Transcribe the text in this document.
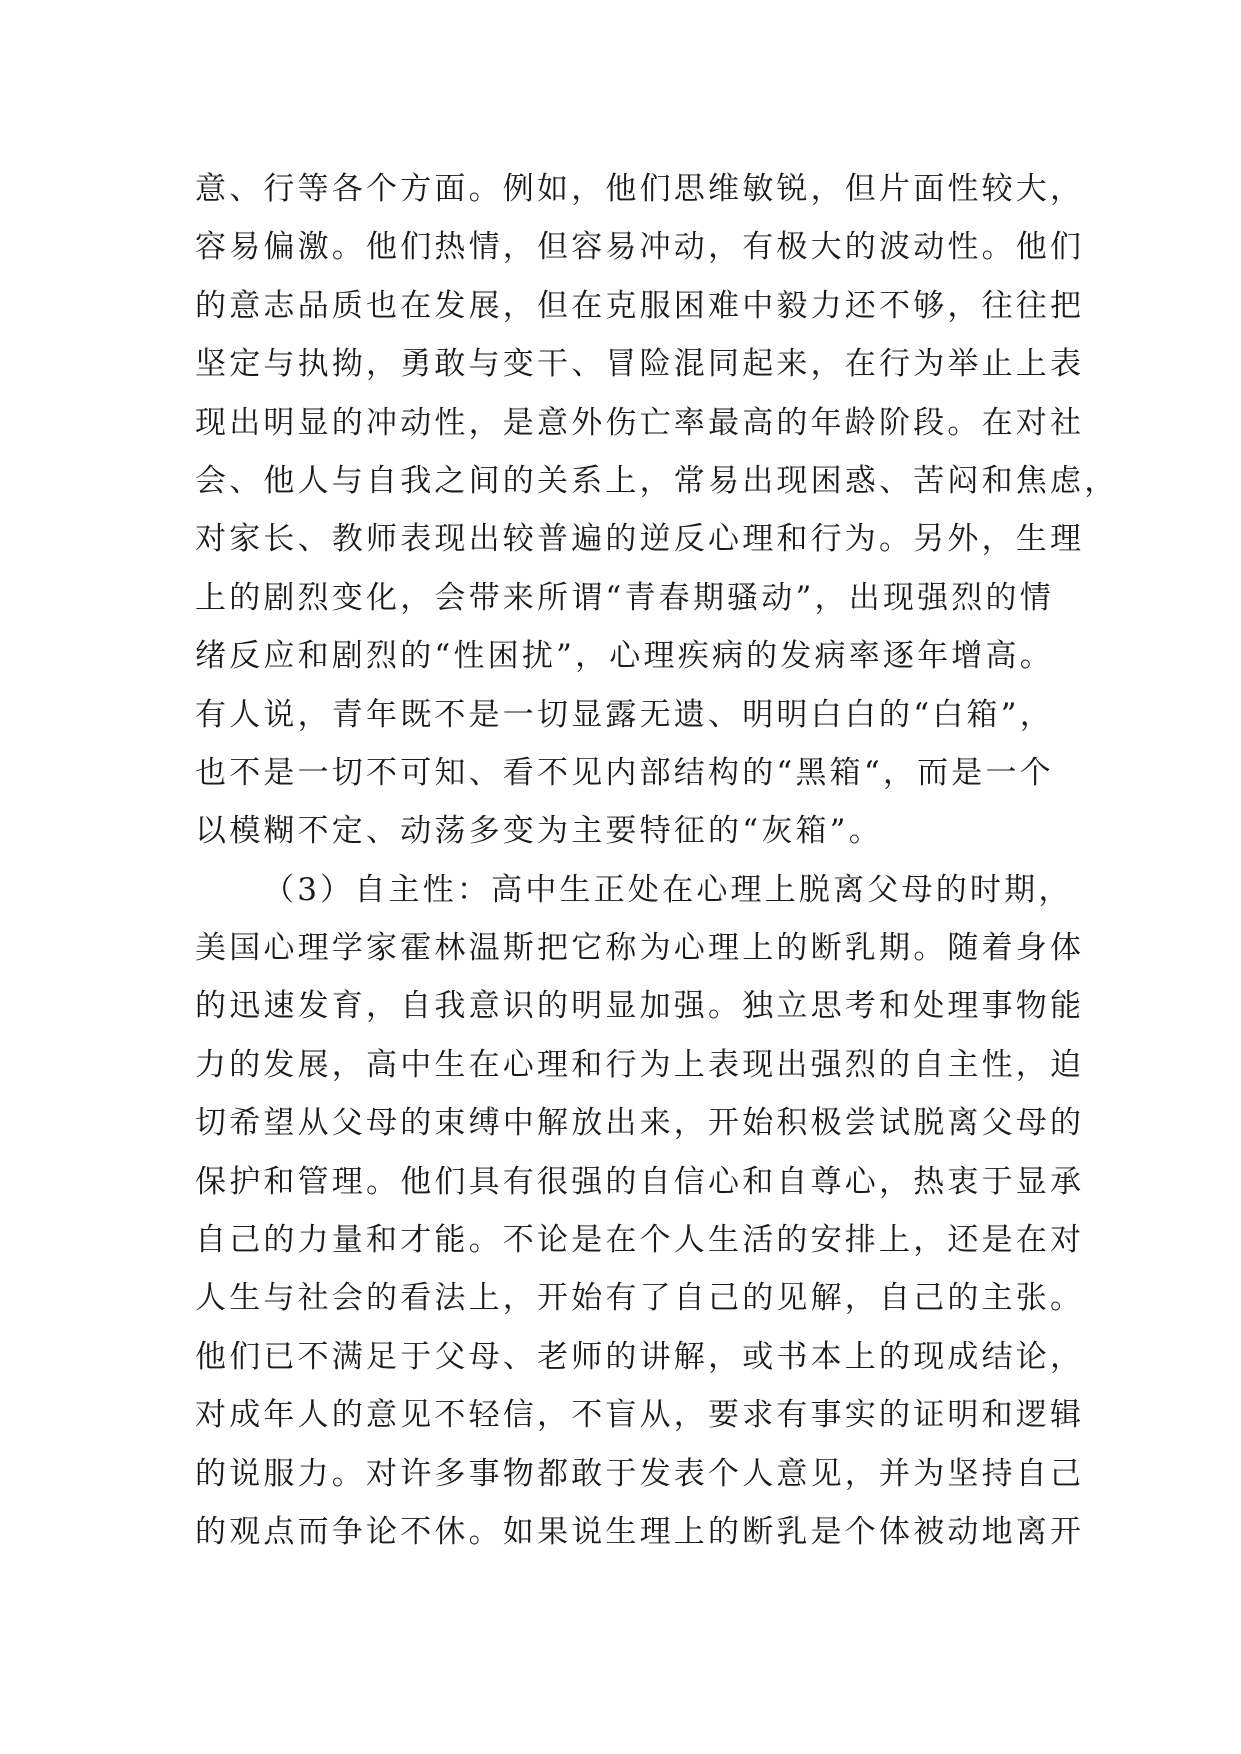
意、行等各个方面。例如，他们思维敏锐，但片面性较大，
容易偏激。他们热情，但容易冲动，有极大的波动性。他们
的意志品质也在发展，但在克服困难中毅力还不够，往往把
坚定与执拗，勇敢与变干、冒险混同起来，在行为举止上表
现出明显的冲动性，是意外伤亡率最高的年龄阶段。在对社
会、他人与自我之间的关系上，常易出现困惑、苦闷和焦虑，
对家长、教师表现出较普遍的逆反心理和行为。另外，生理
上的剧烈变化，会带来所谓“青春期骚动”，出现强烈的情
绪反应和剧烈的“性困扰”，心理疾病的发病率逐年增高。
有人说，青年既不是一切显露无遗、明明白白的“白箱”，
也不是一切不可知、看不见内部结构的“黑箱“，而是一个
以模糊不定、动荡多变为主要特征的“灰箱”。
（3）自主性：高中生正处在心理上脱离父母的时期，
美国心理学家霍林温斯把它称为心理上的断乳期。随着身体
的迅速发育，自我意识的明显加强。独立思考和处理事物能
力的发展，高中生在心理和行为上表现出强烈的自主性，迫
切希望从父母的束缚中解放出来，开始积极尝试脱离父母的
保护和管理。他们具有很强的自信心和自尊心，热衷于显承
自己的力量和才能。不论是在个人生活的安排上，还是在对
人生与社会的看法上，开始有了自己的见解，自己的主张。
他们已不满足于父母、老师的讲解，或书本上的现成结论，
对成年人的意见不轻信，不盲从，要求有事实的证明和逻辑
的说服力。对许多事物都敢于发表个人意见，并为坚持自己
的观点而争论不休。如果说生理上的断乳是个体被动地离开
